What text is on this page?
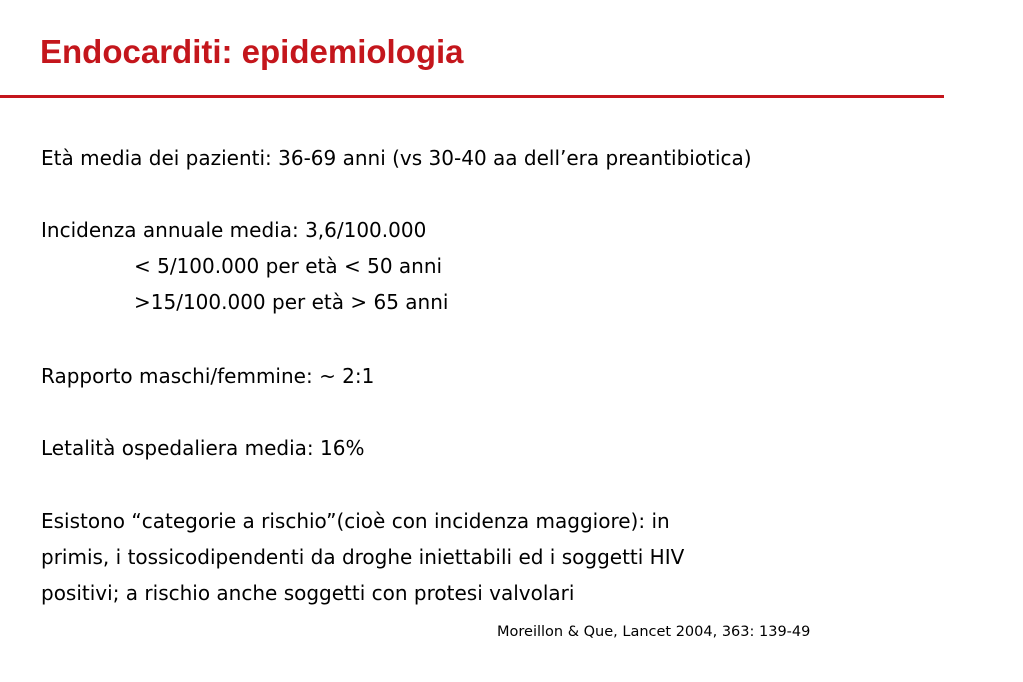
Endocarditi: epidemiologia
Età media dei pazienti: 36-69 anni (vs 30-40 aa dell’era preantibiotica)
Incidenza annuale media: 3,6/100.000
< 5/100.000 per età < 50 anni
>15/100.000 per età > 65 anni
Rapporto maschi/femmine: ~ 2:1
Letalità ospedaliera media: 16%
Esistono “categorie a rischio”(cioè con incidenza maggiore): in
primis, i tossicodipendenti da droghe iniettabili ed i soggetti HIV
positivi; a rischio anche soggetti con protesi valvolari
Moreillon & Que, Lancet 2004, 363: 139-49
